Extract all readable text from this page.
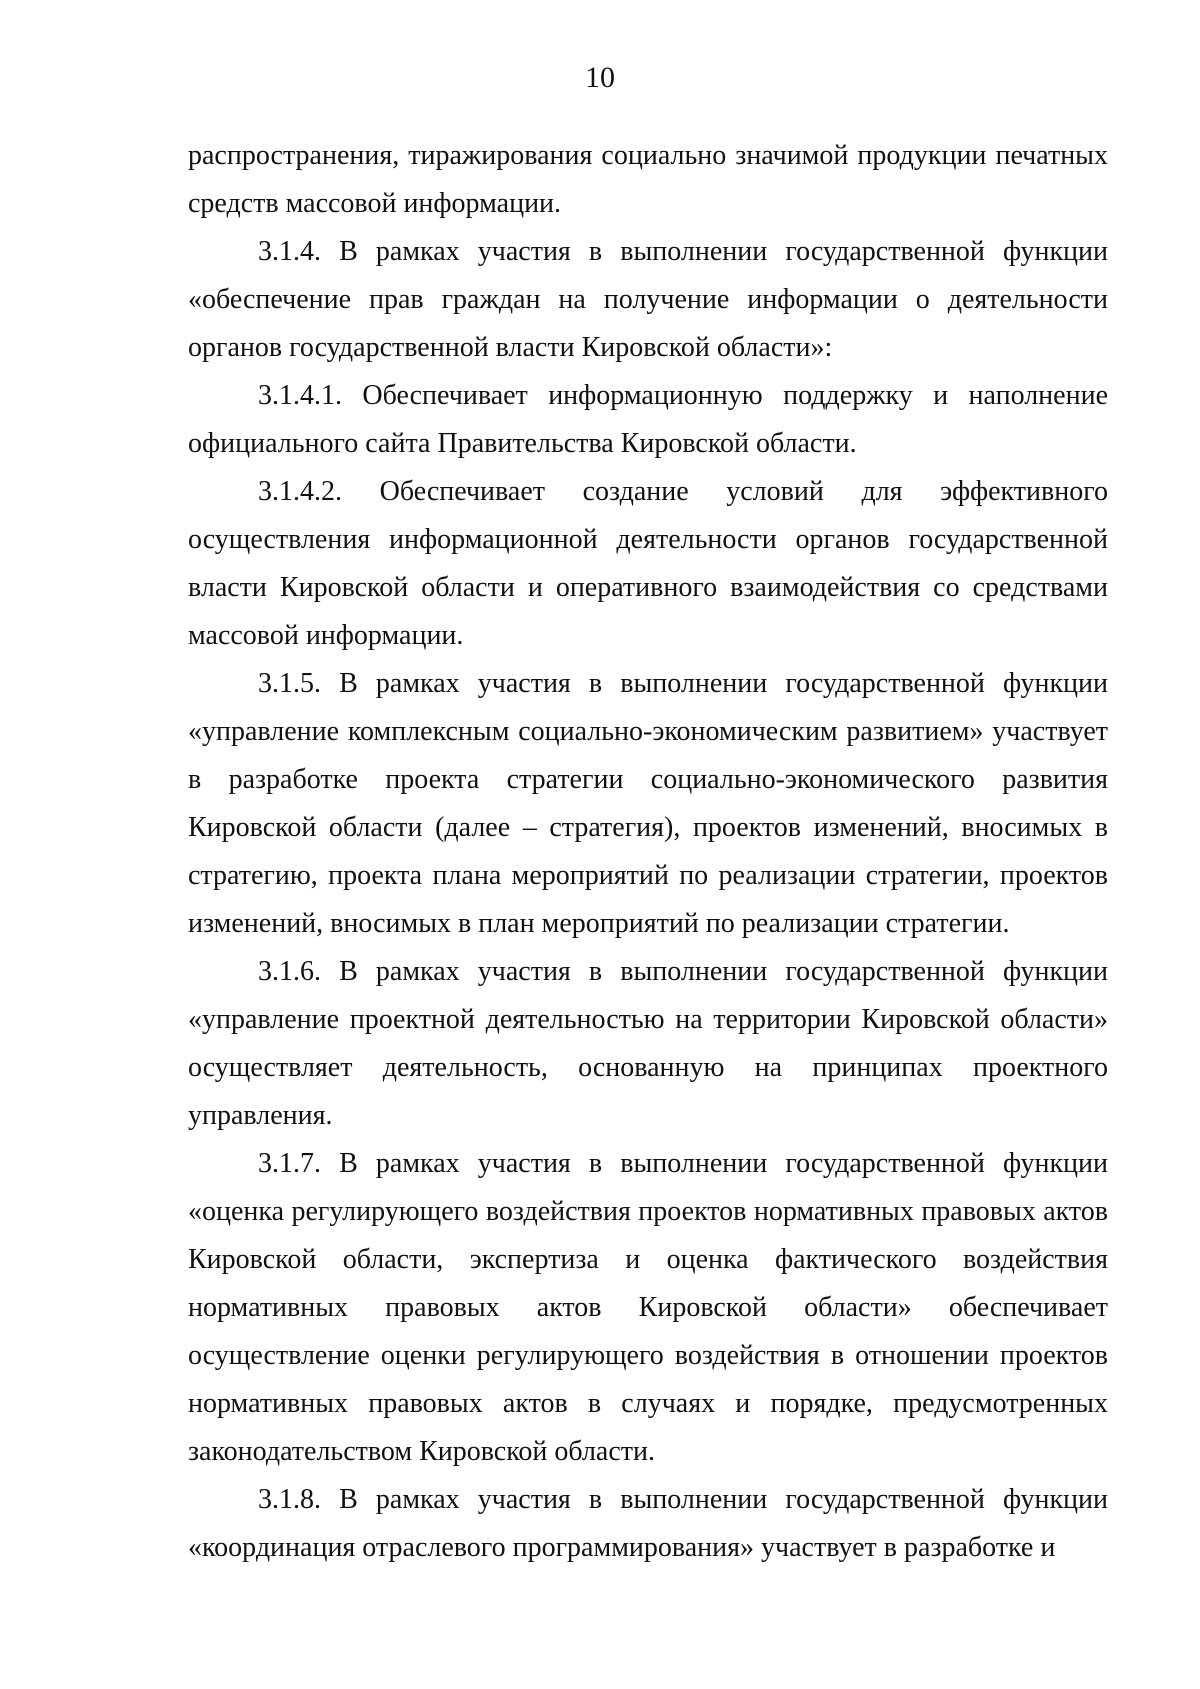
10

распространения, тиражирования социально значимой продукции печатных средств массовой информации.

3.1.4. В рамках участия в выполнении государственной функции «обеспечение прав граждан на получение информации о деятельности органов государственной власти Кировской области»:

3.1.4.1. Обеспечивает информационную поддержку и наполнение официального сайта Правительства Кировской области.

3.1.4.2. Обеспечивает создание условий для эффективного осуществления информационной деятельности органов государственной власти Кировской области и оперативного взаимодействия со средствами массовой информации.

3.1.5. В рамках участия в выполнении государственной функции «управление комплексным социально-экономическим развитием» участвует в разработке проекта стратегии социально-экономического развития Кировской области (далее – стратегия), проектов изменений, вносимых в стратегию, проекта плана мероприятий по реализации стратегии, проектов изменений, вносимых в план мероприятий по реализации стратегии.

3.1.6. В рамках участия в выполнении государственной функции «управление проектной деятельностью на территории Кировской области» осуществляет деятельность, основанную на принципах проектного управления.

3.1.7. В рамках участия в выполнении государственной функции «оценка регулирующего воздействия проектов нормативных правовых актов Кировской области, экспертиза и оценка фактического воздействия нормативных правовых актов Кировской области» обеспечивает осуществление оценки регулирующего воздействия в отношении проектов нормативных правовых актов в случаях и порядке, предусмотренных законодательством Кировской области.

3.1.8. В рамках участия в выполнении государственной функции «координация отраслевого программирования» участвует в разработке и
